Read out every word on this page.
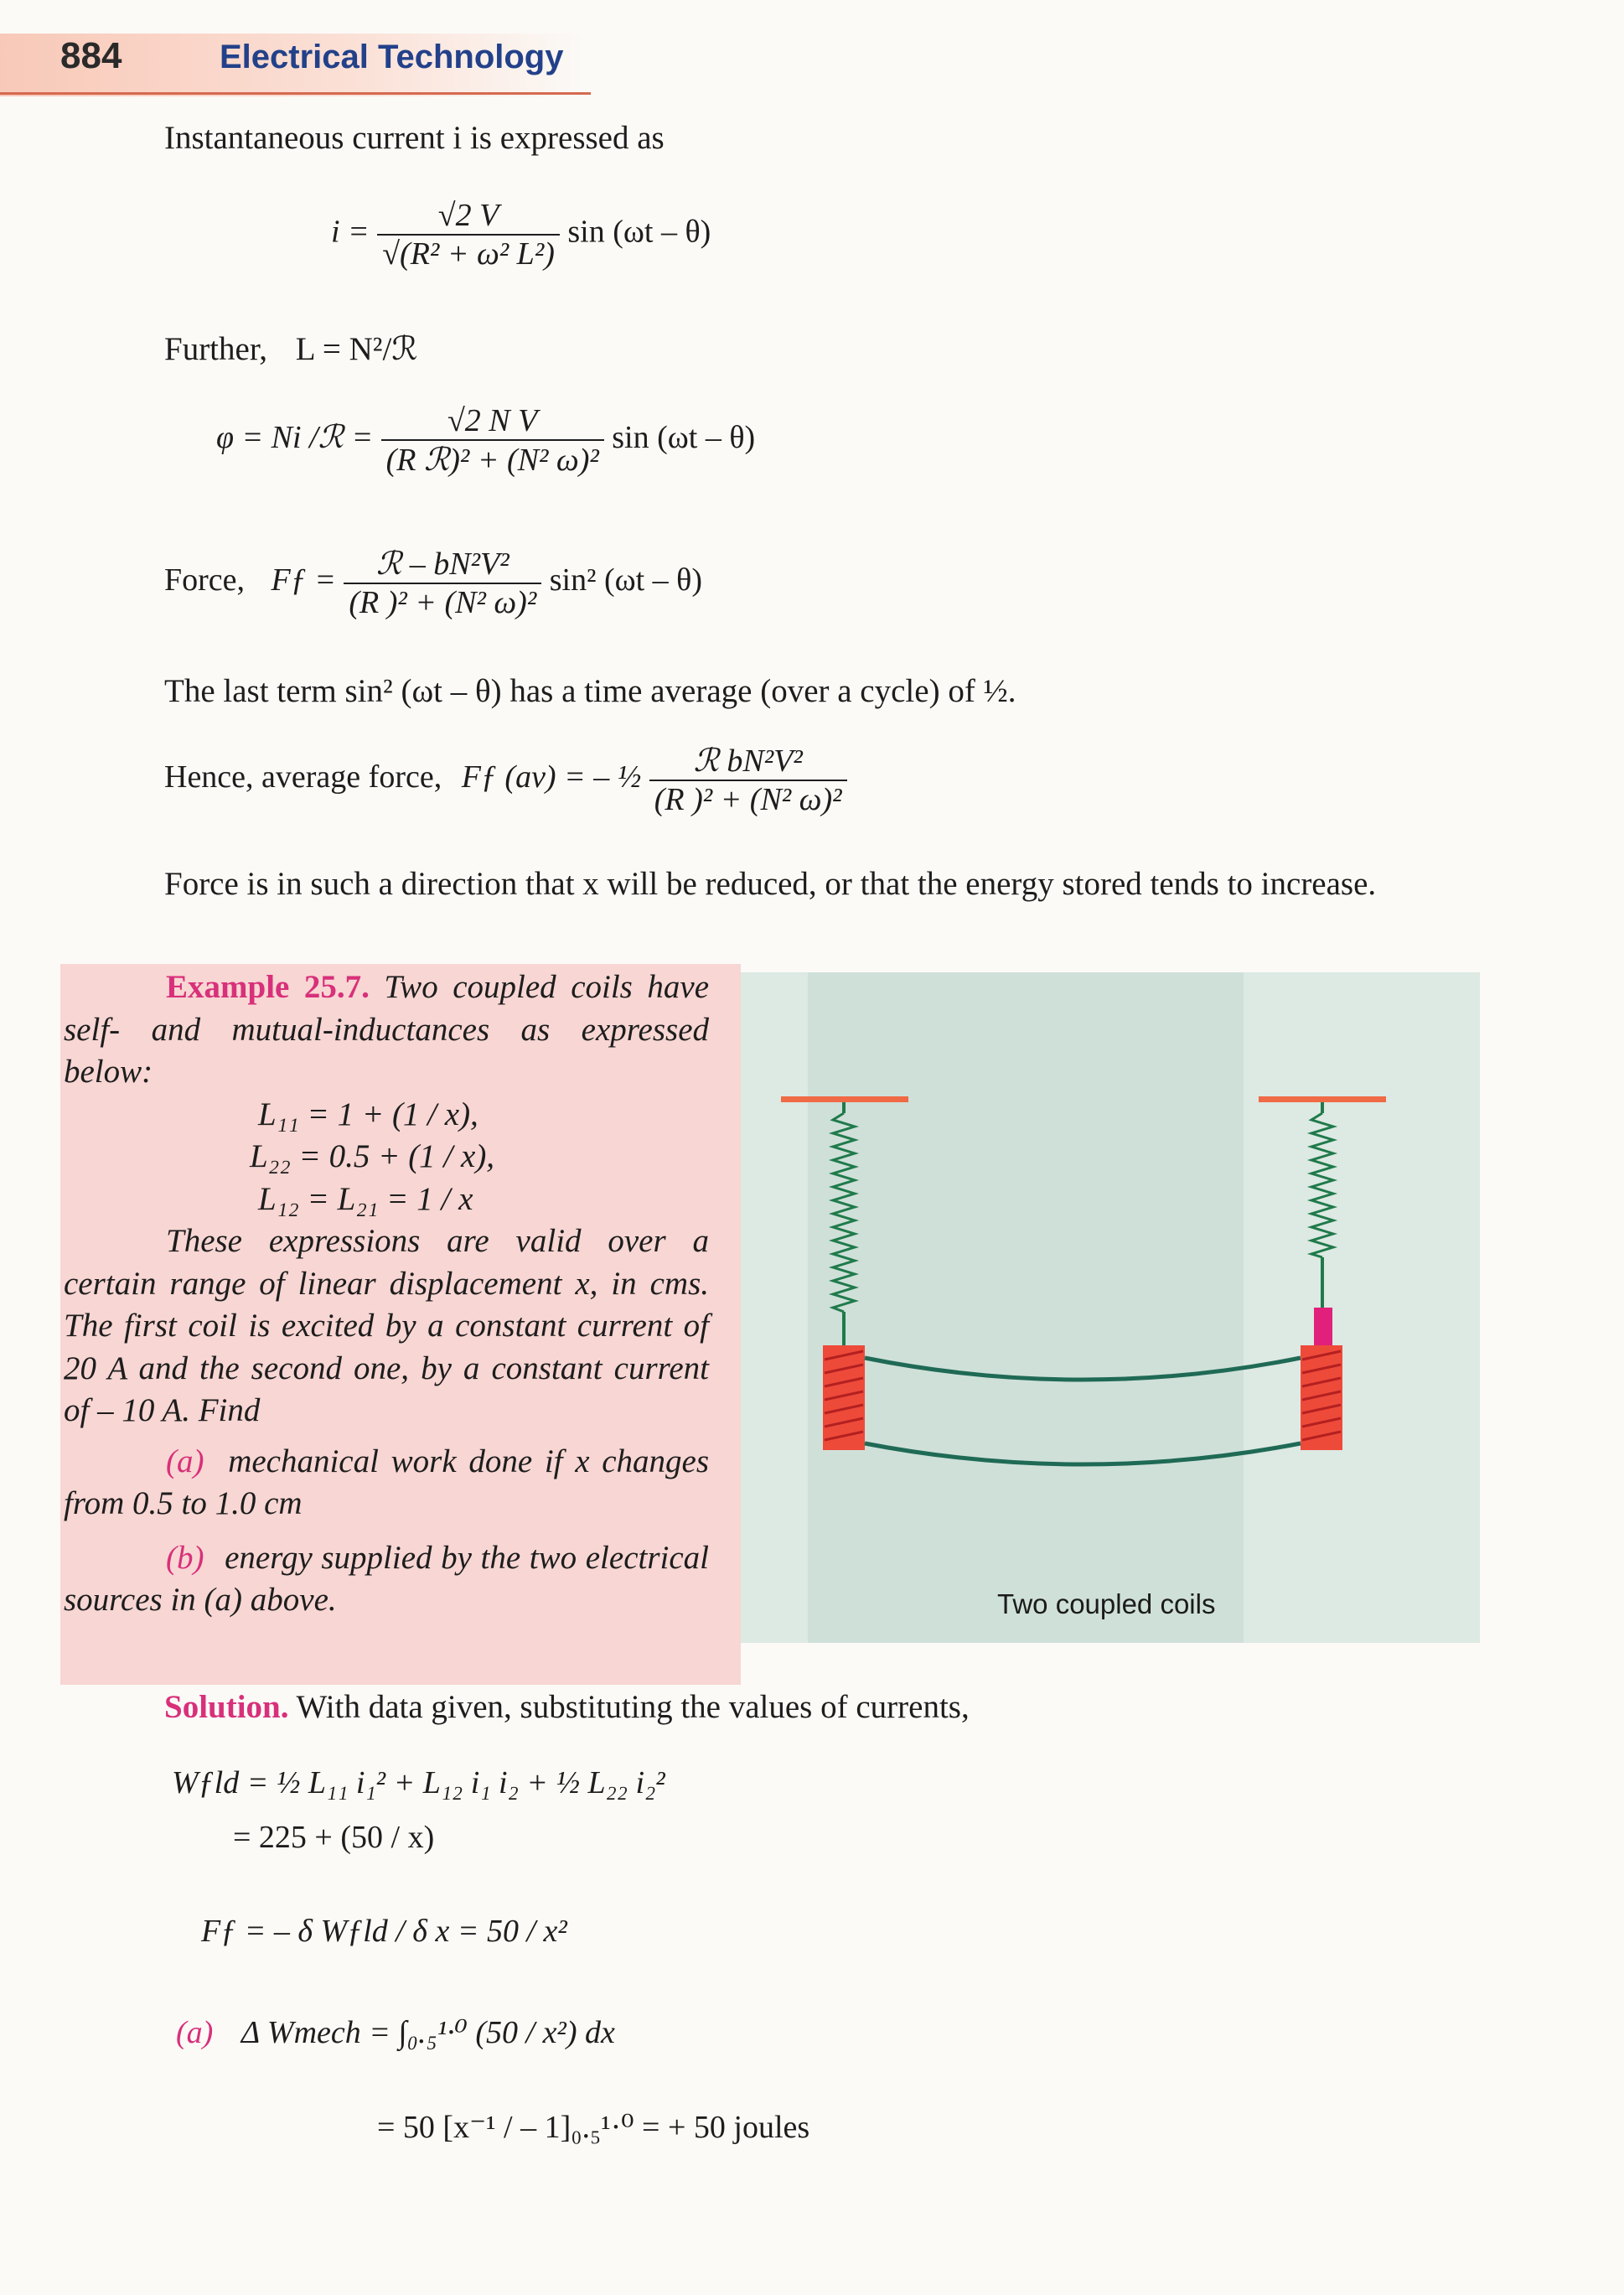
884	Electrical Technology
Instantaneous current i is expressed as
$i = \frac{√2 V}{\text{√(R² + ω² L²)}}$ sin (ωt – θ)
Further, L = N²/ℛ
φ = Ni /ℛ = $\frac{\text{√2 N V}}{\text{(R ℛ)² + (N² ω)²}}$ sin (ωt – θ)
Force, Fƒ = $\frac{\text{ℛ – bN²V²}}{\text{(R )² + (N² ω)²}} \sin^2$ (ωt – θ)
The last term sin² (ωt – θ) has a time average (over a cycle) of ½.
Hence, average force, Fƒ (av) = – ½ $\frac{\text{ℛ bN²V²}}{\text{(R )² + (N² ω)²}}$
Force is in such a direction that x will be reduced, or that the energy stored tends to increase.
Example 25.7. Two coupled coils have self- and mutual-inductances as expressed below:
L₁₁ = 1 + (1 / x),
L₂₂ = 0.5 + (1 / x),
L₁₂ = L₂₁ = 1 / x
These expressions are valid over a certain range of linear displacement x, in cms. The first coil is excited by a constant current of 20 A and the second one, by a constant current of – 10 A. Find
(a) mechanical work done if x changes from 0.5 to 1.0 cm
(b) energy supplied by the two electrical sources in (a) above.	Two coupled coils
Solution. With data given, substituting the values of currents,
Wƒld = ½ L₁₁ i₁² + L₁₂ i₁ i₂ + ½ L₂₂ i₂²
= 225 + (50 / x)
Fƒ = – δ Wƒld / δ x = 50 / x²
(a) Δ Wmech = ∫₀.₅¹·⁰ (50 / x²) dx
= 50 [x⁻¹ / – 1]₀.₅¹·⁰ = + 50 joules
